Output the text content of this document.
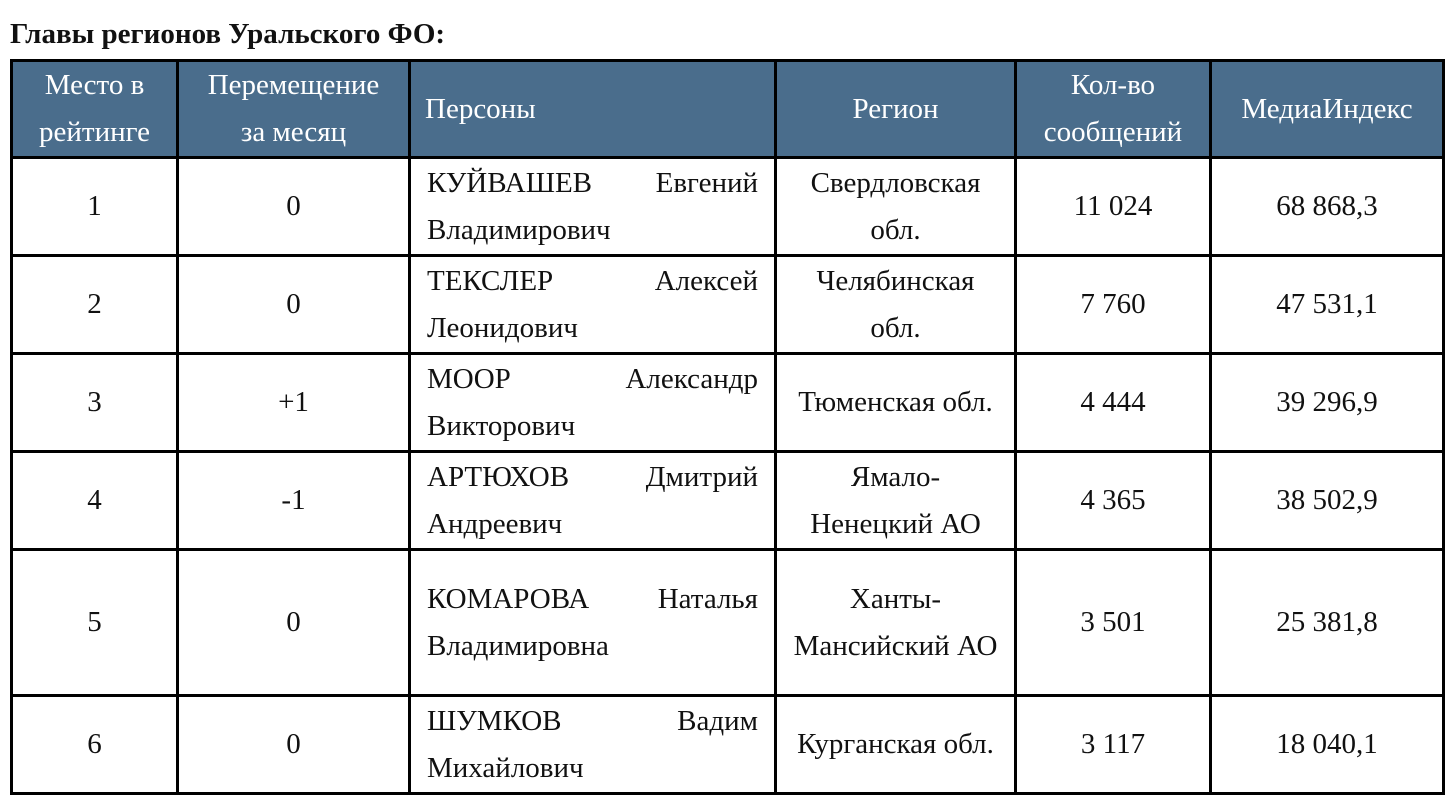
Главы регионов Уральского ФО:
Место в рейтинге	Перемещение за месяц	Персоны	Регион	Кол-во сообщений	МедиаИндекс
1	0	КУЙВАШЕВ Евгений Владимирович	Свердловская обл.	11 024	68 868,3
2	0	ТЕКСЛЕР Алексей Леонидович	Челябинская обл.	7 760	47 531,1
3	+1	МООР Александр Викторович	Тюменская обл.	4 444	39 296,9
4	-1	АРТЮХОВ Дмитрий Андреевич	Ямало-Ненецкий АО	4 365	38 502,9
5	0	КОМАРОВА Наталья Владимировна	Ханты-Мансийский АО	3 501	25 381,8
6	0	ШУМКОВ Вадим Михайлович	Курганская обл.	3 117	18 040,1
